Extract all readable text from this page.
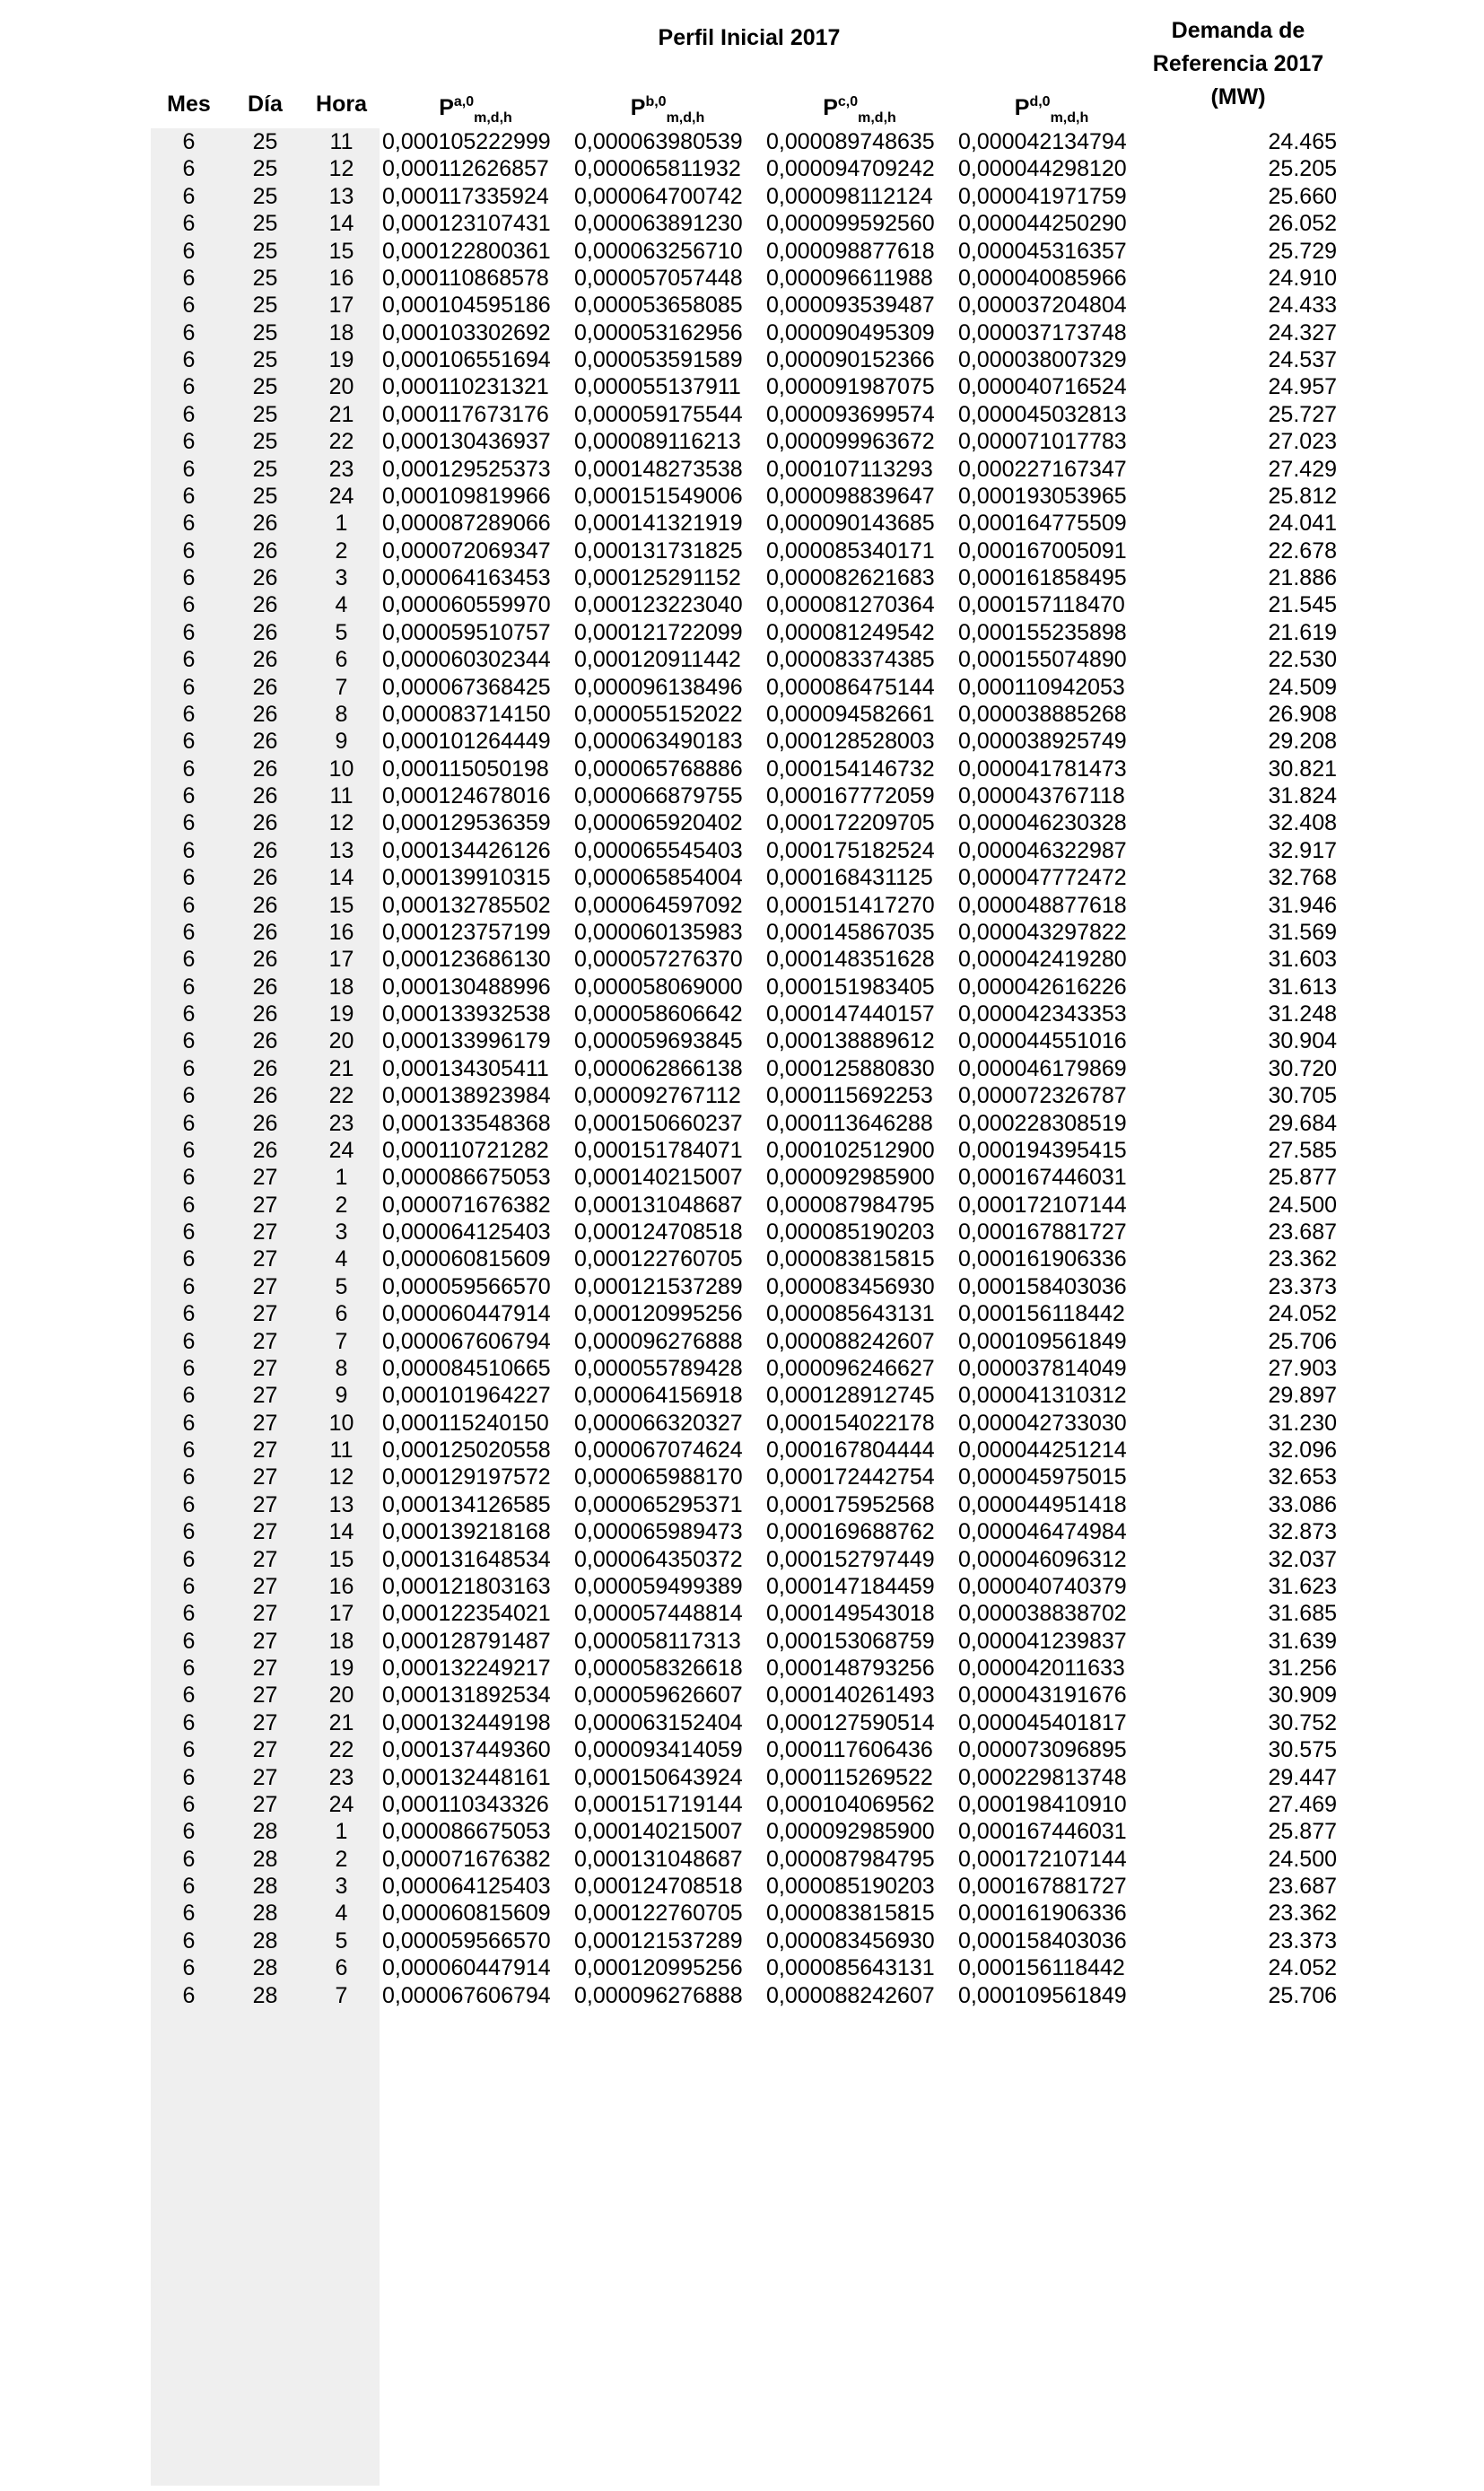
Perfil Inicial 2017
Mes	Día	Hora	P$^{a,0}_{m,d,h}$	P$^{b,0}_{m,d,h}$	P$^{c,0}_{m,d,h}$	P$^{d,0}_{m,d,h}$
Demanda de
Referencia 2017
(MW)
6	25	11	0,000105222999	0,000063980539	0,000089748635	0,000042134794	24.465
6	25	12	0,000112626857	0,000065811932	0,000094709242	0,000044298120	25.205
6	25	13	0,000117335924	0,000064700742	0,000098112124	0,000041971759	25.660
6	25	14	0,000123107431	0,000063891230	0,000099592560	0,000044250290	26.052
6	25	15	0,000122800361	0,000063256710	0,000098877618	0,000045316357	25.729
6	25	16	0,000110868578	0,000057057448	0,000096611988	0,000040085966	24.910
6	25	17	0,000104595186	0,000053658085	0,000093539487	0,000037204804	24.433
6	25	18	0,000103302692	0,000053162956	0,000090495309	0,000037173748	24.327
6	25	19	0,000106551694	0,000053591589	0,000090152366	0,000038007329	24.537
6	25	20	0,000110231321	0,000055137911	0,000091987075	0,000040716524	24.957
6	25	21	0,000117673176	0,000059175544	0,000093699574	0,000045032813	25.727
6	25	22	0,000130436937	0,000089116213	0,000099963672	0,000071017783	27.023
6	25	23	0,000129525373	0,000148273538	0,000107113293	0,000227167347	27.429
6	25	24	0,000109819966	0,000151549006	0,000098839647	0,000193053965	25.812
6	26	1	0,000087289066	0,000141321919	0,000090143685	0,000164775509	24.041
6	26	2	0,000072069347	0,000131731825	0,000085340171	0,000167005091	22.678
6	26	3	0,000064163453	0,000125291152	0,000082621683	0,000161858495	21.886
6	26	4	0,000060559970	0,000123223040	0,000081270364	0,000157118470	21.545
6	26	5	0,000059510757	0,000121722099	0,000081249542	0,000155235898	21.619
6	26	6	0,000060302344	0,000120911442	0,000083374385	0,000155074890	22.530
6	26	7	0,000067368425	0,000096138496	0,000086475144	0,000110942053	24.509
6	26	8	0,000083714150	0,000055152022	0,000094582661	0,000038885268	26.908
6	26	9	0,000101264449	0,000063490183	0,000128528003	0,000038925749	29.208
6	26	10	0,000115050198	0,000065768886	0,000154146732	0,000041781473	30.821
6	26	11	0,000124678016	0,000066879755	0,000167772059	0,000043767118	31.824
6	26	12	0,000129536359	0,000065920402	0,000172209705	0,000046230328	32.408
6	26	13	0,000134426126	0,000065545403	0,000175182524	0,000046322987	32.917
6	26	14	0,000139910315	0,000065854004	0,000168431125	0,000047772472	32.768
6	26	15	0,000132785502	0,000064597092	0,000151417270	0,000048877618	31.946
6	26	16	0,000123757199	0,000060135983	0,000145867035	0,000043297822	31.569
6	26	17	0,000123686130	0,000057276370	0,000148351628	0,000042419280	31.603
6	26	18	0,000130488996	0,000058069000	0,000151983405	0,000042616226	31.613
6	26	19	0,000133932538	0,000058606642	0,000147440157	0,000042343353	31.248
6	26	20	0,000133996179	0,000059693845	0,000138889612	0,000044551016	30.904
6	26	21	0,000134305411	0,000062866138	0,000125880830	0,000046179869	30.720
6	26	22	0,000138923984	0,000092767112	0,000115692253	0,000072326787	30.705
6	26	23	0,000133548368	0,000150660237	0,000113646288	0,000228308519	29.684
6	26	24	0,000110721282	0,000151784071	0,000102512900	0,000194395415	27.585
6	27	1	0,000086675053	0,000140215007	0,000092985900	0,000167446031	25.877
6	27	2	0,000071676382	0,000131048687	0,000087984795	0,000172107144	24.500
6	27	3	0,000064125403	0,000124708518	0,000085190203	0,000167881727	23.687
6	27	4	0,000060815609	0,000122760705	0,000083815815	0,000161906336	23.362
6	27	5	0,000059566570	0,000121537289	0,000083456930	0,000158403036	23.373
6	27	6	0,000060447914	0,000120995256	0,000085643131	0,000156118442	24.052
6	27	7	0,000067606794	0,000096276888	0,000088242607	0,000109561849	25.706
6	27	8	0,000084510665	0,000055789428	0,000096246627	0,000037814049	27.903
6	27	9	0,000101964227	0,000064156918	0,000128912745	0,000041310312	29.897
6	27	10	0,000115240150	0,000066320327	0,000154022178	0,000042733030	31.230
6	27	11	0,000125020558	0,000067074624	0,000167804444	0,000044251214	32.096
6	27	12	0,000129197572	0,000065988170	0,000172442754	0,000045975015	32.653
6	27	13	0,000134126585	0,000065295371	0,000175952568	0,000044951418	33.086
6	27	14	0,000139218168	0,000065989473	0,000169688762	0,000046474984	32.873
6	27	15	0,000131648534	0,000064350372	0,000152797449	0,000046096312	32.037
6	27	16	0,000121803163	0,000059499389	0,000147184459	0,000040740379	31.623
6	27	17	0,000122354021	0,000057448814	0,000149543018	0,000038838702	31.685
6	27	18	0,000128791487	0,000058117313	0,000153068759	0,000041239837	31.639
6	27	19	0,000132249217	0,000058326618	0,000148793256	0,000042011633	31.256
6	27	20	0,000131892534	0,000059626607	0,000140261493	0,000043191676	30.909
6	27	21	0,000132449198	0,000063152404	0,000127590514	0,000045401817	30.752
6	27	22	0,000137449360	0,000093414059	0,000117606436	0,000073096895	30.575
6	27	23	0,000132448161	0,000150643924	0,000115269522	0,000229813748	29.447
6	27	24	0,000110343326	0,000151719144	0,000104069562	0,000198410910	27.469
6	28	1	0,000086675053	0,000140215007	0,000092985900	0,000167446031	25.877
6	28	2	0,000071676382	0,000131048687	0,000087984795	0,000172107144	24.500
6	28	3	0,000064125403	0,000124708518	0,000085190203	0,000167881727	23.687
6	28	4	0,000060815609	0,000122760705	0,000083815815	0,000161906336	23.362
6	28	5	0,000059566570	0,000121537289	0,000083456930	0,000158403036	23.373
6	28	6	0,000060447914	0,000120995256	0,000085643131	0,000156118442	24.052
6	28	7	0,000067606794	0,000096276888	0,000088242607	0,000109561849	25.706
